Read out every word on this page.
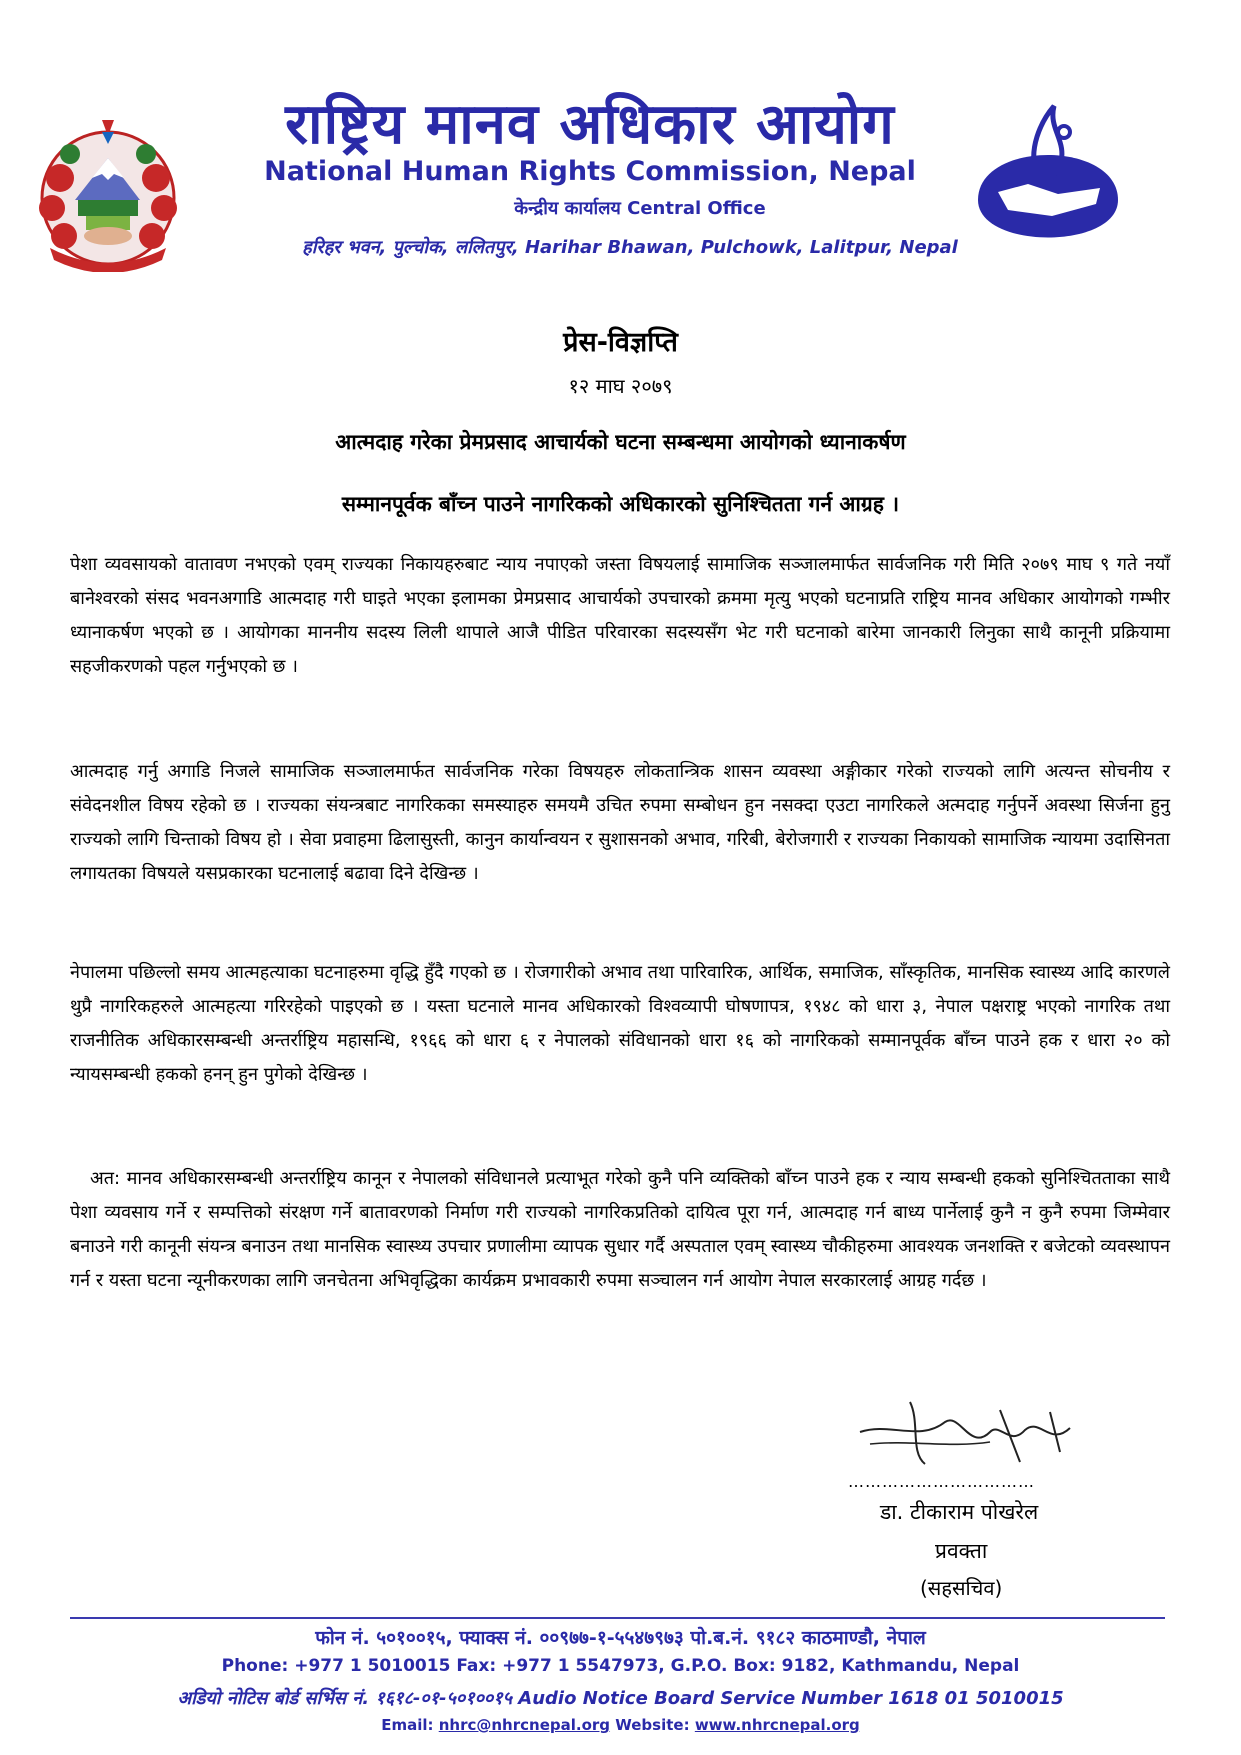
राष्ट्रिय मानव अधिकार आयोग
National Human Rights Commission, Nepal
केन्द्रीय कार्यालय Central Office
हरिहर भवन, पुल्चोक, ललितपुर, Harihar Bhawan, Pulchowk, Lalitpur, Nepal
प्रेस-विज्ञप्ति
१२ माघ २०७९
आत्मदाह गरेका प्रेमप्रसाद आचार्यको घटना सम्बन्धमा आयोगको ध्यानाकर्षण
सम्मानपूर्वक बाँच्न पाउने नागरिकको अधिकारको सुनिश्चितता गर्न आग्रह ।
पेशा व्यवसायको वातावण नभएको एवम् राज्यका निकायहरुबाट न्याय नपाएको जस्ता विषयलाई सामाजिक सञ्जालमार्फत सार्वजनिक गरी मिति २०७९ माघ ९ गते नयाँ बानेश्वरको संसद भवनअगाडि आत्मदाह गरी घाइते भएका इलामका प्रेमप्रसाद आचार्यको उपचारको क्रममा मृत्यु भएको घटनाप्रति राष्ट्रिय मानव अधिकार आयोगको गम्भीर ध्यानाकर्षण भएको छ । आयोगका माननीय सदस्य लिली थापाले आजै पीडित परिवारका सदस्यसँग भेट गरी घटनाको बारेमा जानकारी लिनुका साथै कानूनी प्रक्रियामा सहजीकरणको पहल गर्नुभएको छ ।
आत्मदाह गर्नु अगाडि निजले सामाजिक सञ्जालमार्फत सार्वजनिक गरेका विषयहरु लोकतान्त्रिक शासन व्यवस्था अङ्गीकार गरेको राज्यको लागि अत्यन्त सोचनीय र संवेदनशील विषय रहेको छ । राज्यका संयन्त्रबाट नागरिकका समस्याहरु समयमै उचित रुपमा सम्बोधन हुन नसक्दा एउटा नागरिकले अत्मदाह गर्नुपर्ने अवस्था सिर्जना हुनु राज्यको लागि चिन्ताको विषय हो । सेवा प्रवाहमा ढिलासुस्ती, कानुन कार्यान्वयन र सुशासनको अभाव, गरिबी, बेरोजगारी र राज्यका निकायको सामाजिक न्यायमा उदासिनता लगायतका विषयले यसप्रकारका घटनालाई बढावा दिने देखिन्छ ।
नेपालमा पछिल्लो समय आत्महत्याका घटनाहरुमा वृद्धि हुँदै गएको छ । रोजगारीको अभाव तथा पारिवारिक, आर्थिक, समाजिक, साँस्कृतिक, मानसिक स्वास्थ्य आदि कारणले थुप्रै नागरिकहरुले आत्महत्या गरिरहेको पाइएको छ । यस्ता घटनाले मानव अधिकारको विश्वव्यापी घोषणापत्र, १९४८ को धारा ३, नेपाल पक्षराष्ट्र भएको नागरिक तथा राजनीतिक अधिकारसम्बन्धी अन्तर्राष्ट्रिय महासन्धि, १९६६ को धारा ६ र नेपालको संविधानको धारा १६ को नागरिकको सम्मानपूर्वक बाँच्न पाउने हक र धारा २० को न्यायसम्बन्धी हकको हनन् हुन पुगेको देखिन्छ ।
अत: मानव अधिकारसम्बन्धी अन्तर्राष्ट्रिय कानून र नेपालको संविधानले प्रत्याभूत गरेको कुनै पनि व्यक्तिको बाँच्न पाउने हक र न्याय सम्बन्धी हकको सुनिश्चितताका साथै पेशा व्यवसाय गर्ने र सम्पत्तिको संरक्षण गर्ने बातावरणको निर्माण गरी राज्यको नागरिकप्रतिको दायित्व पूरा गर्न, आत्मदाह गर्न बाध्य पार्नेलाई कुनै न कुनै रुपमा जिम्मेवार बनाउने गरी कानूनी संयन्त्र बनाउन तथा मानसिक स्वास्थ्य उपचार प्रणालीमा व्यापक सुधार गर्दै अस्पताल एवम् स्वास्थ्य चौकीहरुमा आवश्यक जनशक्ति र बजेटको व्यवस्थापन गर्न र यस्ता घटना न्यूनीकरणका लागि जनचेतना अभिवृद्धिका कार्यक्रम प्रभावकारी रुपमा सञ्चालन गर्न आयोग नेपाल सरकारलाई आग्रह गर्दछ ।
……………………………
डा. टीकाराम पोखरेल
प्रवक्ता
(सहसचिव)
फोन नं. ५०१००१५, फ्याक्स नं. ००९७७-१-५५४७९७३ पो.ब.नं. ९१८२ काठमाण्डौ, नेपाल
Phone: +977 1 5010015 Fax: +977 1 5547973, G.P.O. Box: 9182, Kathmandu, Nepal
अडियो नोटिस बोर्ड सर्भिस नं. १६१८-०१-५०१००१५ Audio Notice Board Service Number 1618 01 5010015
Email: nhrc@nhrcnepal.org Website: www.nhrcnepal.org
